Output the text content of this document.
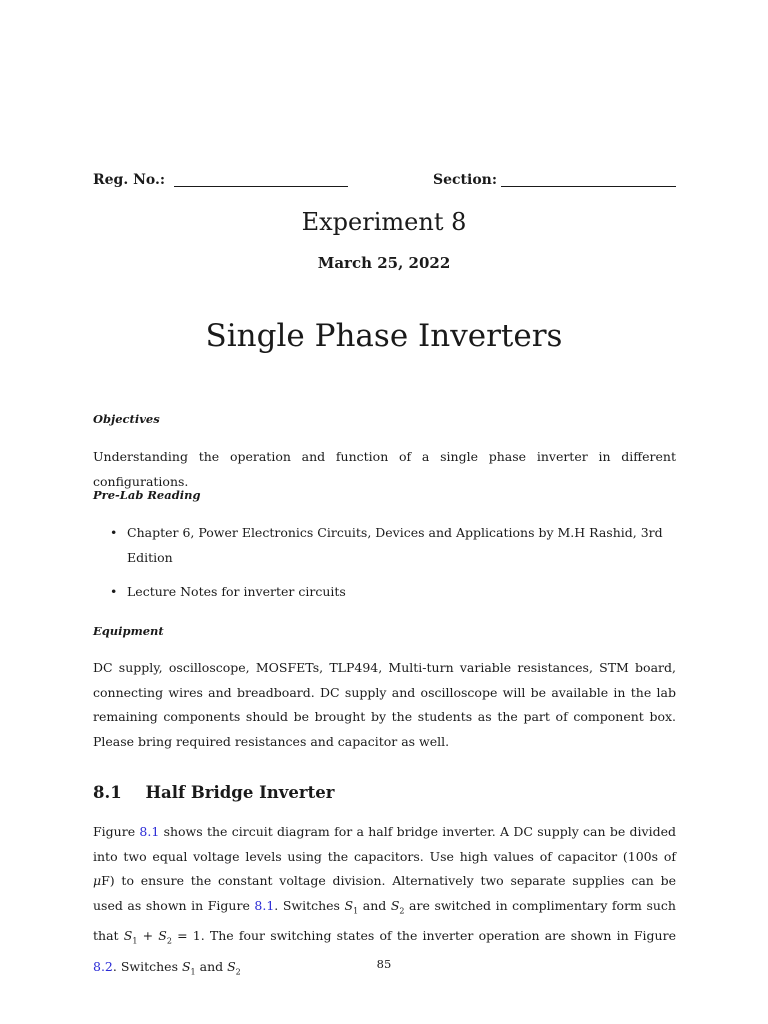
Reg. No.:	Section:
Experiment 8
March 25, 2022
Single Phase Inverters
Objectives
Understanding the operation and function of a single phase inverter in different configurations.
Pre-Lab Reading
• Chapter 6, Power Electronics Circuits, Devices and Applications by M.H Rashid, 3rd Edition
• Lecture Notes for inverter circuits
Equipment
DC supply, oscilloscope, MOSFETs, TLP494, Multi-turn variable resistances, STM board, connecting wires and breadboard. DC supply and oscilloscope will be available in the lab remaining components should be brought by the students as the part of component box. Please bring required resistances and capacitor as well.
8.1 Half Bridge Inverter
Figure 8.1 shows the circuit diagram for a half bridge inverter. A DC supply can be divided into two equal voltage levels using the capacitors. Use high values of capacitor (100s of μF) to ensure the constant voltage division. Alternatively two separate supplies can be used as shown in Figure 8.1. Switches $S_1$ and $S_2$ are switched in complimentary form such that $S_1 + S_2 = 1$. The four switching states of the inverter operation are shown in Figure 8.2. Switches $S_1$ and $S_2$
85
